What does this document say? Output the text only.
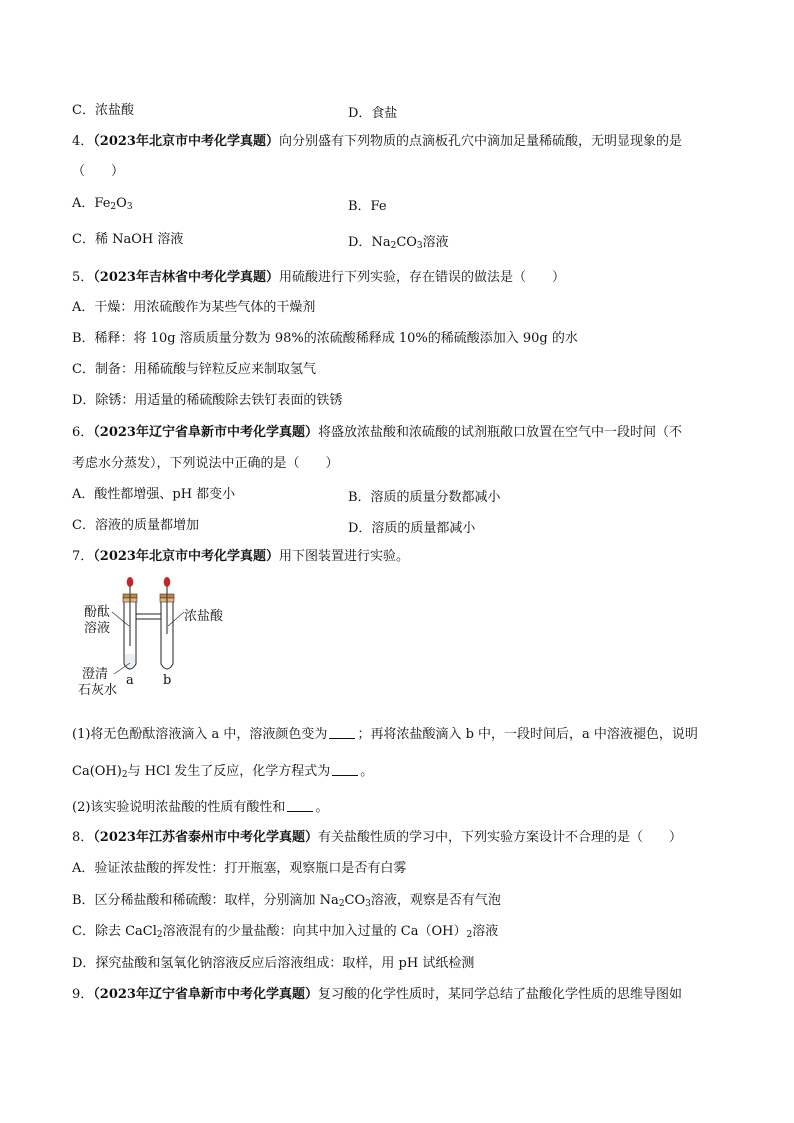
C．浓盐酸	D．食盐
4．（2023年北京市中考化学真题）向分别盛有下列物质的点滴板孔穴中滴加足量稀硫酸，无明显现象的是
（　　）
A．$Fe_2O_3$	B．Fe
C．稀 NaOH 溶液	D．$Na_2CO_3$溶液
5．（2023年吉林省中考化学真题）用硫酸进行下列实验，存在错误的做法是（　　）
A．干燥：用浓硫酸作为某些气体的干燥剂
B．稀释：将 10g 溶质质量分数为 98%的浓硫酸稀释成 10%的稀硫酸添加入 90g 的水
C．制备：用稀硫酸与锌粒反应来制取氢气
D．除锈：用适量的稀硫酸除去铁钉表面的铁锈
6．（2023年辽宁省阜新市中考化学真题）将盛放浓盐酸和浓硫酸的试剂瓶敞口放置在空气中一段时间（不
考虑水分蒸发），下列说法中正确的是（　　）
A．酸性都增强、pH 都变小	B．溶质的质量分数都减小
C．溶液的质量都增加	D．溶质的质量都减小
7．（2023年北京市中考化学真题）用下图装置进行实验。
酚酞
溶液
浓盐酸
澄清
石灰水
a b
(1)将无色酚酞溶液滴入 a 中，溶液颜色变为 ；再将浓盐酸滴入 b 中，一段时间后，a 中溶液褪色，说明
$Ca(OH)_2$与 HCl 发生了反应，化学方程式为 。
(2)该实验说明浓盐酸的性质有酸性和 。
8．（2023年江苏省泰州市中考化学真题）有关盐酸性质的学习中，下列实验方案设计不合理的是（　　）
A．验证浓盐酸的挥发性：打开瓶塞，观察瓶口是否有白雾
B．区分稀盐酸和稀硫酸：取样，分别滴加 $Na_2CO_3$溶液，观察是否有气泡
C．除去 CaCl$_2$溶液混有的少量盐酸：向其中加入过量的 $Ca(OH)_2$溶液
D．探究盐酸和氢氧化钠溶液反应后溶液组成：取样，用 pH 试纸检测
9．（2023年辽宁省阜新市中考化学真题）复习酸的化学性质时，某同学总结了盐酸化学性质的思维导图如
